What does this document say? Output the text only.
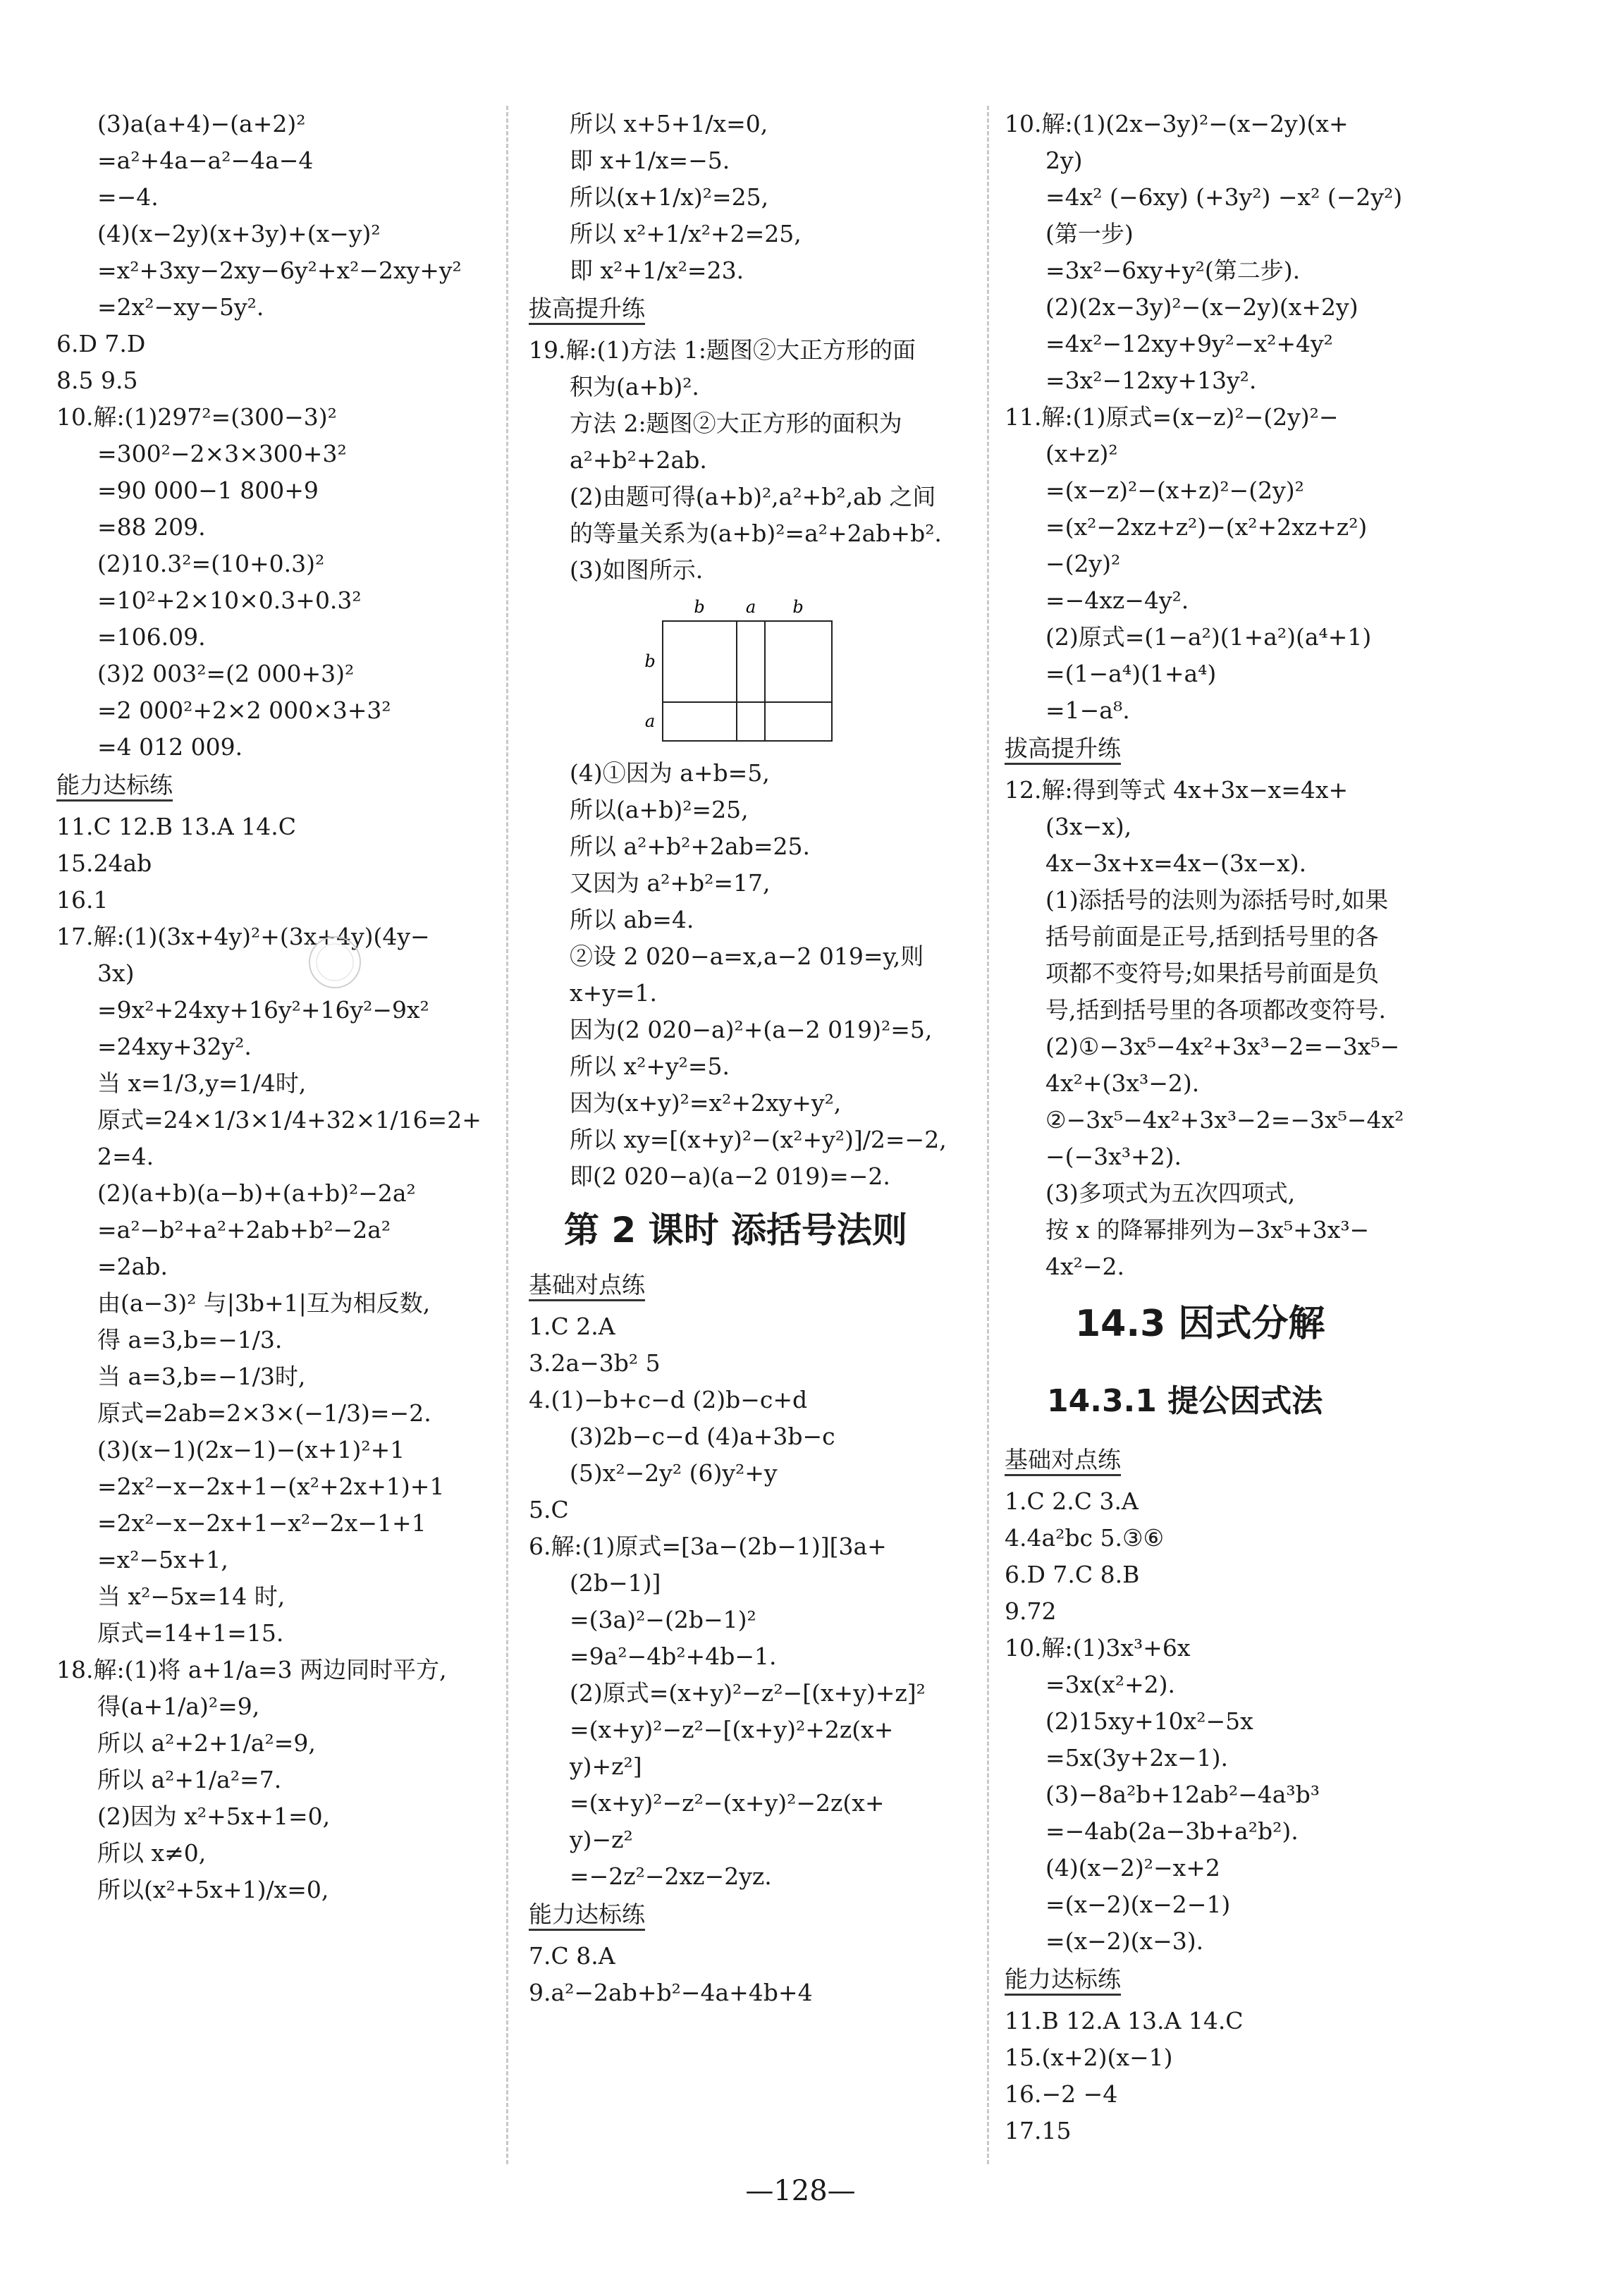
(3)a(a+4)−(a+2)²
=a²+4a−a²−4a−4
=−4.
(4)(x−2y)(x+3y)+(x−y)²
=x²+3xy−2xy−6y²+x²−2xy+y²
=2x²−xy−5y².
6.D 7.D
8.5 9.5
10.解:(1)297²=(300−3)²
=300²−2×3×300+3²
=90 000−1 800+9
=88 209.
(2)10.3²=(10+0.3)²
=10²+2×10×0.3+0.3²
=106.09.
(3)2 003²=(2 000+3)²
=2 000²+2×2 000×3+3²
=4 012 009.
能力达标练
11.C 12.B 13.A 14.C
15.24ab
16.1
17.解:(1)(3x+4y)²+(3x+4y)(4y−
3x)
=9x²+24xy+16y²+16y²−9x²
=24xy+32y².
当 x=1/3,y=1/4时,
原式=24×1/3×1/4+32×1/16=2+
2=4.
(2)(a+b)(a−b)+(a+b)²−2a²
=a²−b²+a²+2ab+b²−2a²
=2ab.
由(a−3)² 与|3b+1|互为相反数,
得 a=3,b=−1/3.
当 a=3,b=−1/3时,
原式=2ab=2×3×(−1/3)=−2.
(3)(x−1)(2x−1)−(x+1)²+1
=2x²−x−2x+1−(x²+2x+1)+1
=2x²−x−2x+1−x²−2x−1+1
=x²−5x+1,
当 x²−5x=14 时,
原式=14+1=15.
18.解:(1)将 a+1/a=3 两边同时平方,
得(a+1/a)²=9,
所以 a²+2+1/a²=9,
所以 a²+1/a²=7.
(2)因为 x²+5x+1=0,
所以 x≠0,
所以(x²+5x+1)/x=0,
所以 x+5+1/x=0,
即 x+1/x=−5.
所以(x+1/x)²=25,
所以 x²+1/x²+2=25,
即 x²+1/x²=23.
拔高提升练
19.解:(1)方法 1:题图②大正方形的面
积为(a+b)².
方法 2:题图②大正方形的面积为
a²+b²+2ab.
(2)由题可得(a+b)²,a²+b²,ab 之间
的等量关系为(a+b)²=a²+2ab+b².
(3)如图所示.
b a b
b
a
(4)①因为 a+b=5,
所以(a+b)²=25,
所以 a²+b²+2ab=25.
又因为 a²+b²=17,
所以 ab=4.
②设 2 020−a=x,a−2 019=y,则
x+y=1.
因为(2 020−a)²+(a−2 019)²=5,
所以 x²+y²=5.
因为(x+y)²=x²+2xy+y²,
所以 xy=[(x+y)²−(x²+y²)]/2=−2,
即(2 020−a)(a−2 019)=−2.
第 2 课时 添括号法则
基础对点练
1.C 2.A
3.2a−3b² 5
4.(1)−b+c−d (2)b−c+d
(3)2b−c−d (4)a+3b−c
(5)x²−2y² (6)y²+y
5.C
6.解:(1)原式=[3a−(2b−1)][3a+
(2b−1)]
=(3a)²−(2b−1)²
=9a²−4b²+4b−1.
(2)原式=(x+y)²−z²−[(x+y)+z]²
=(x+y)²−z²−[(x+y)²+2z(x+
y)+z²]
=(x+y)²−z²−(x+y)²−2z(x+
y)−z²
=−2z²−2xz−2yz.
能力达标练
7.C 8.A
9.a²−2ab+b²−4a+4b+4
10.解:(1)(2x−3y)²−(x−2y)(x+
2y)
=4x² (−6xy) (+3y²) −x² (−2y²)
(第一步)
=3x²−6xy+y²(第二步).
(2)(2x−3y)²−(x−2y)(x+2y)
=4x²−12xy+9y²−x²+4y²
=3x²−12xy+13y².
11.解:(1)原式=(x−z)²−(2y)²−
(x+z)²
=(x−z)²−(x+z)²−(2y)²
=(x²−2xz+z²)−(x²+2xz+z²)
−(2y)²
=−4xz−4y².
(2)原式=(1−a²)(1+a²)(a⁴+1)
=(1−a⁴)(1+a⁴)
=1−a⁸.
拔高提升练
12.解:得到等式 4x+3x−x=4x+
(3x−x),
4x−3x+x=4x−(3x−x).
(1)添括号的法则为添括号时,如果
括号前面是正号,括到括号里的各
项都不变符号;如果括号前面是负
号,括到括号里的各项都改变符号.
(2)①−3x⁵−4x²+3x³−2=−3x⁵−
4x²+(3x³−2).
②−3x⁵−4x²+3x³−2=−3x⁵−4x²
−(−3x³+2).
(3)多项式为五次四项式,
按 x 的降幂排列为−3x⁵+3x³−
4x²−2.
14.3 因式分解
14.3.1 提公因式法
基础对点练
1.C 2.C 3.A
4.4a²bc 5.③⑥
6.D 7.C 8.B
9.72
10.解:(1)3x³+6x
=3x(x²+2).
(2)15xy+10x²−5x
=5x(3y+2x−1).
(3)−8a²b+12ab²−4a³b³
=−4ab(2a−3b+a²b²).
(4)(x−2)²−x+2
=(x−2)(x−2−1)
=(x−2)(x−3).
能力达标练
11.B 12.A 13.A 14.C
15.(x+2)(x−1)
16.−2 −4
17.15
—128—
